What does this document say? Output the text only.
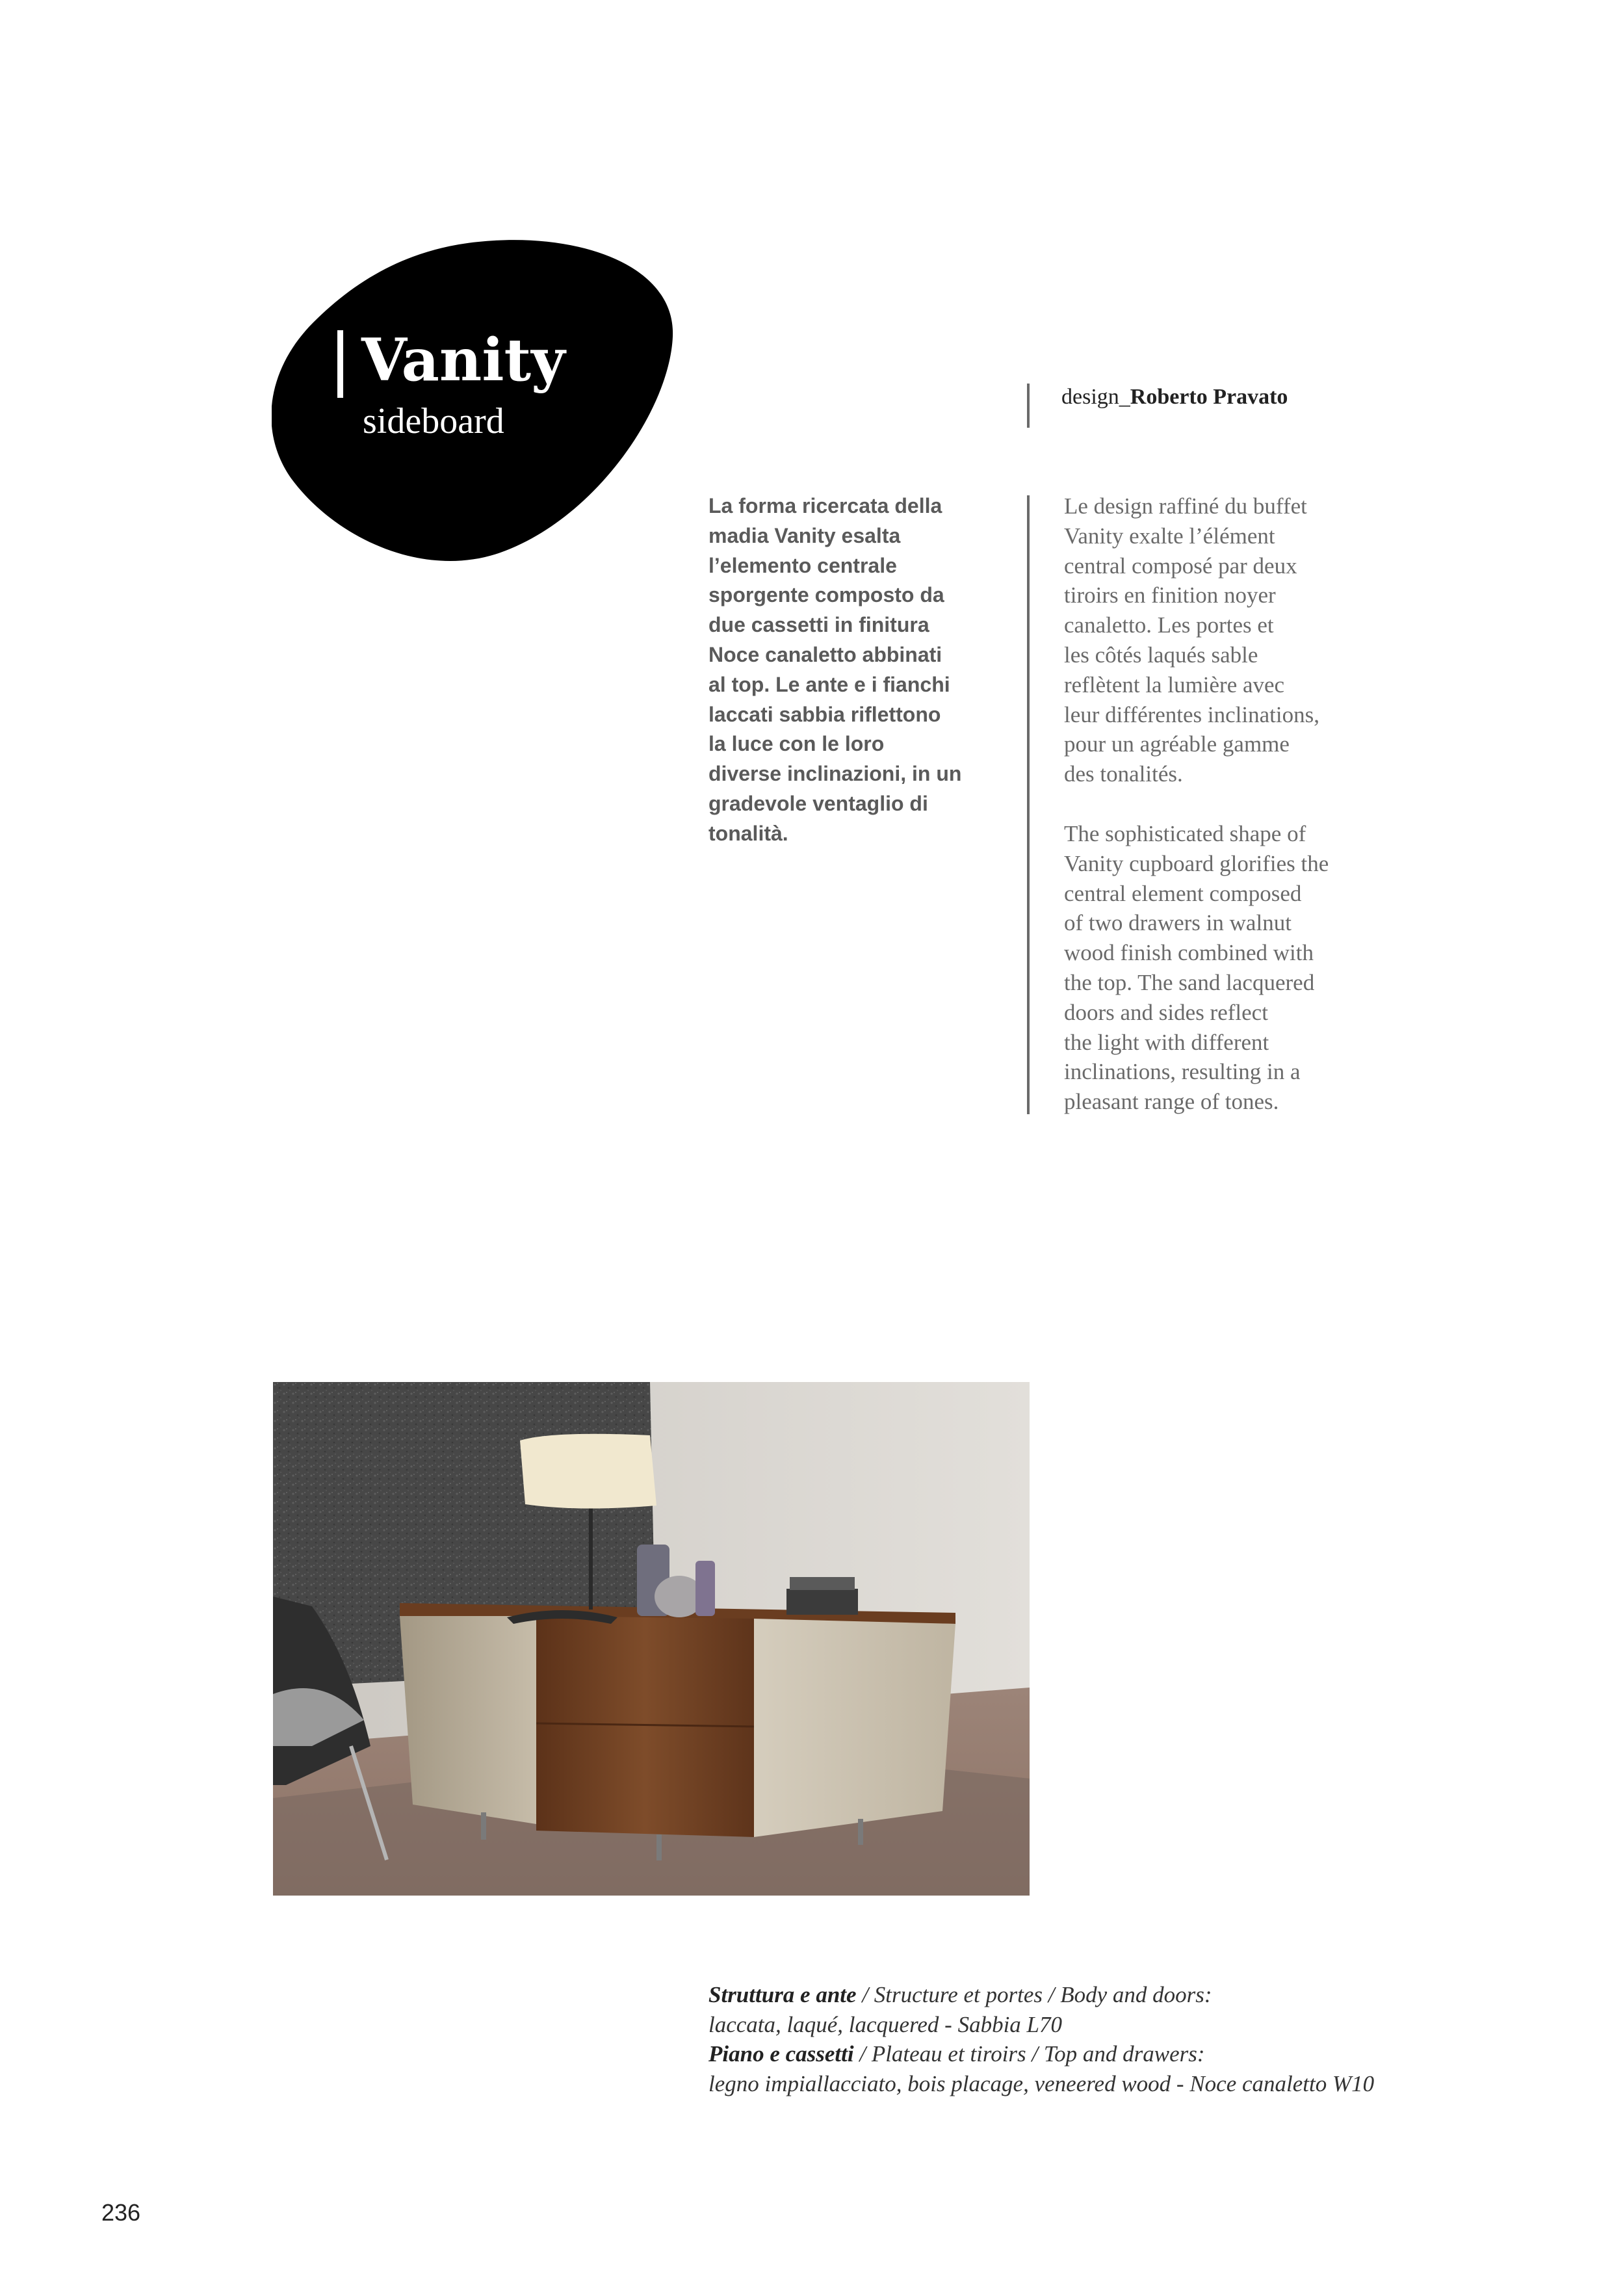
Vanity
sideboard
design_Roberto Pravato

La forma ricercata della
madia Vanity esalta
l’elemento centrale
sporgente composto da
due cassetti in finitura
Noce canaletto abbinati
al top. Le ante e i fianchi
laccati sabbia riflettono
la luce con le loro
diverse inclinazioni, in un
gradevole ventaglio di
tonalità.

Le design raffiné du buffet
Vanity exalte l’élément
central composé par deux
tiroirs en finition noyer
canaletto. Les portes et
les côtés laqués sable
reflètent la lumière avec
leur différentes inclinations,
pour un agréable gamme
des tonalités.

The sophisticated shape of
Vanity cupboard glorifies the
central element composed
of two drawers in walnut
wood finish combined with
the top. The sand lacquered
doors and sides reflect
the light with different
inclinations, resulting in a
pleasant range of tones.

Struttura e ante / Structure et portes / Body and doors:
laccata, laqué, lacquered - Sabbia L70
Piano e cassetti / Plateau et tiroirs / Top and drawers:
legno impiallacciato, bois placage, veneered wood - Noce canaletto W10
236
